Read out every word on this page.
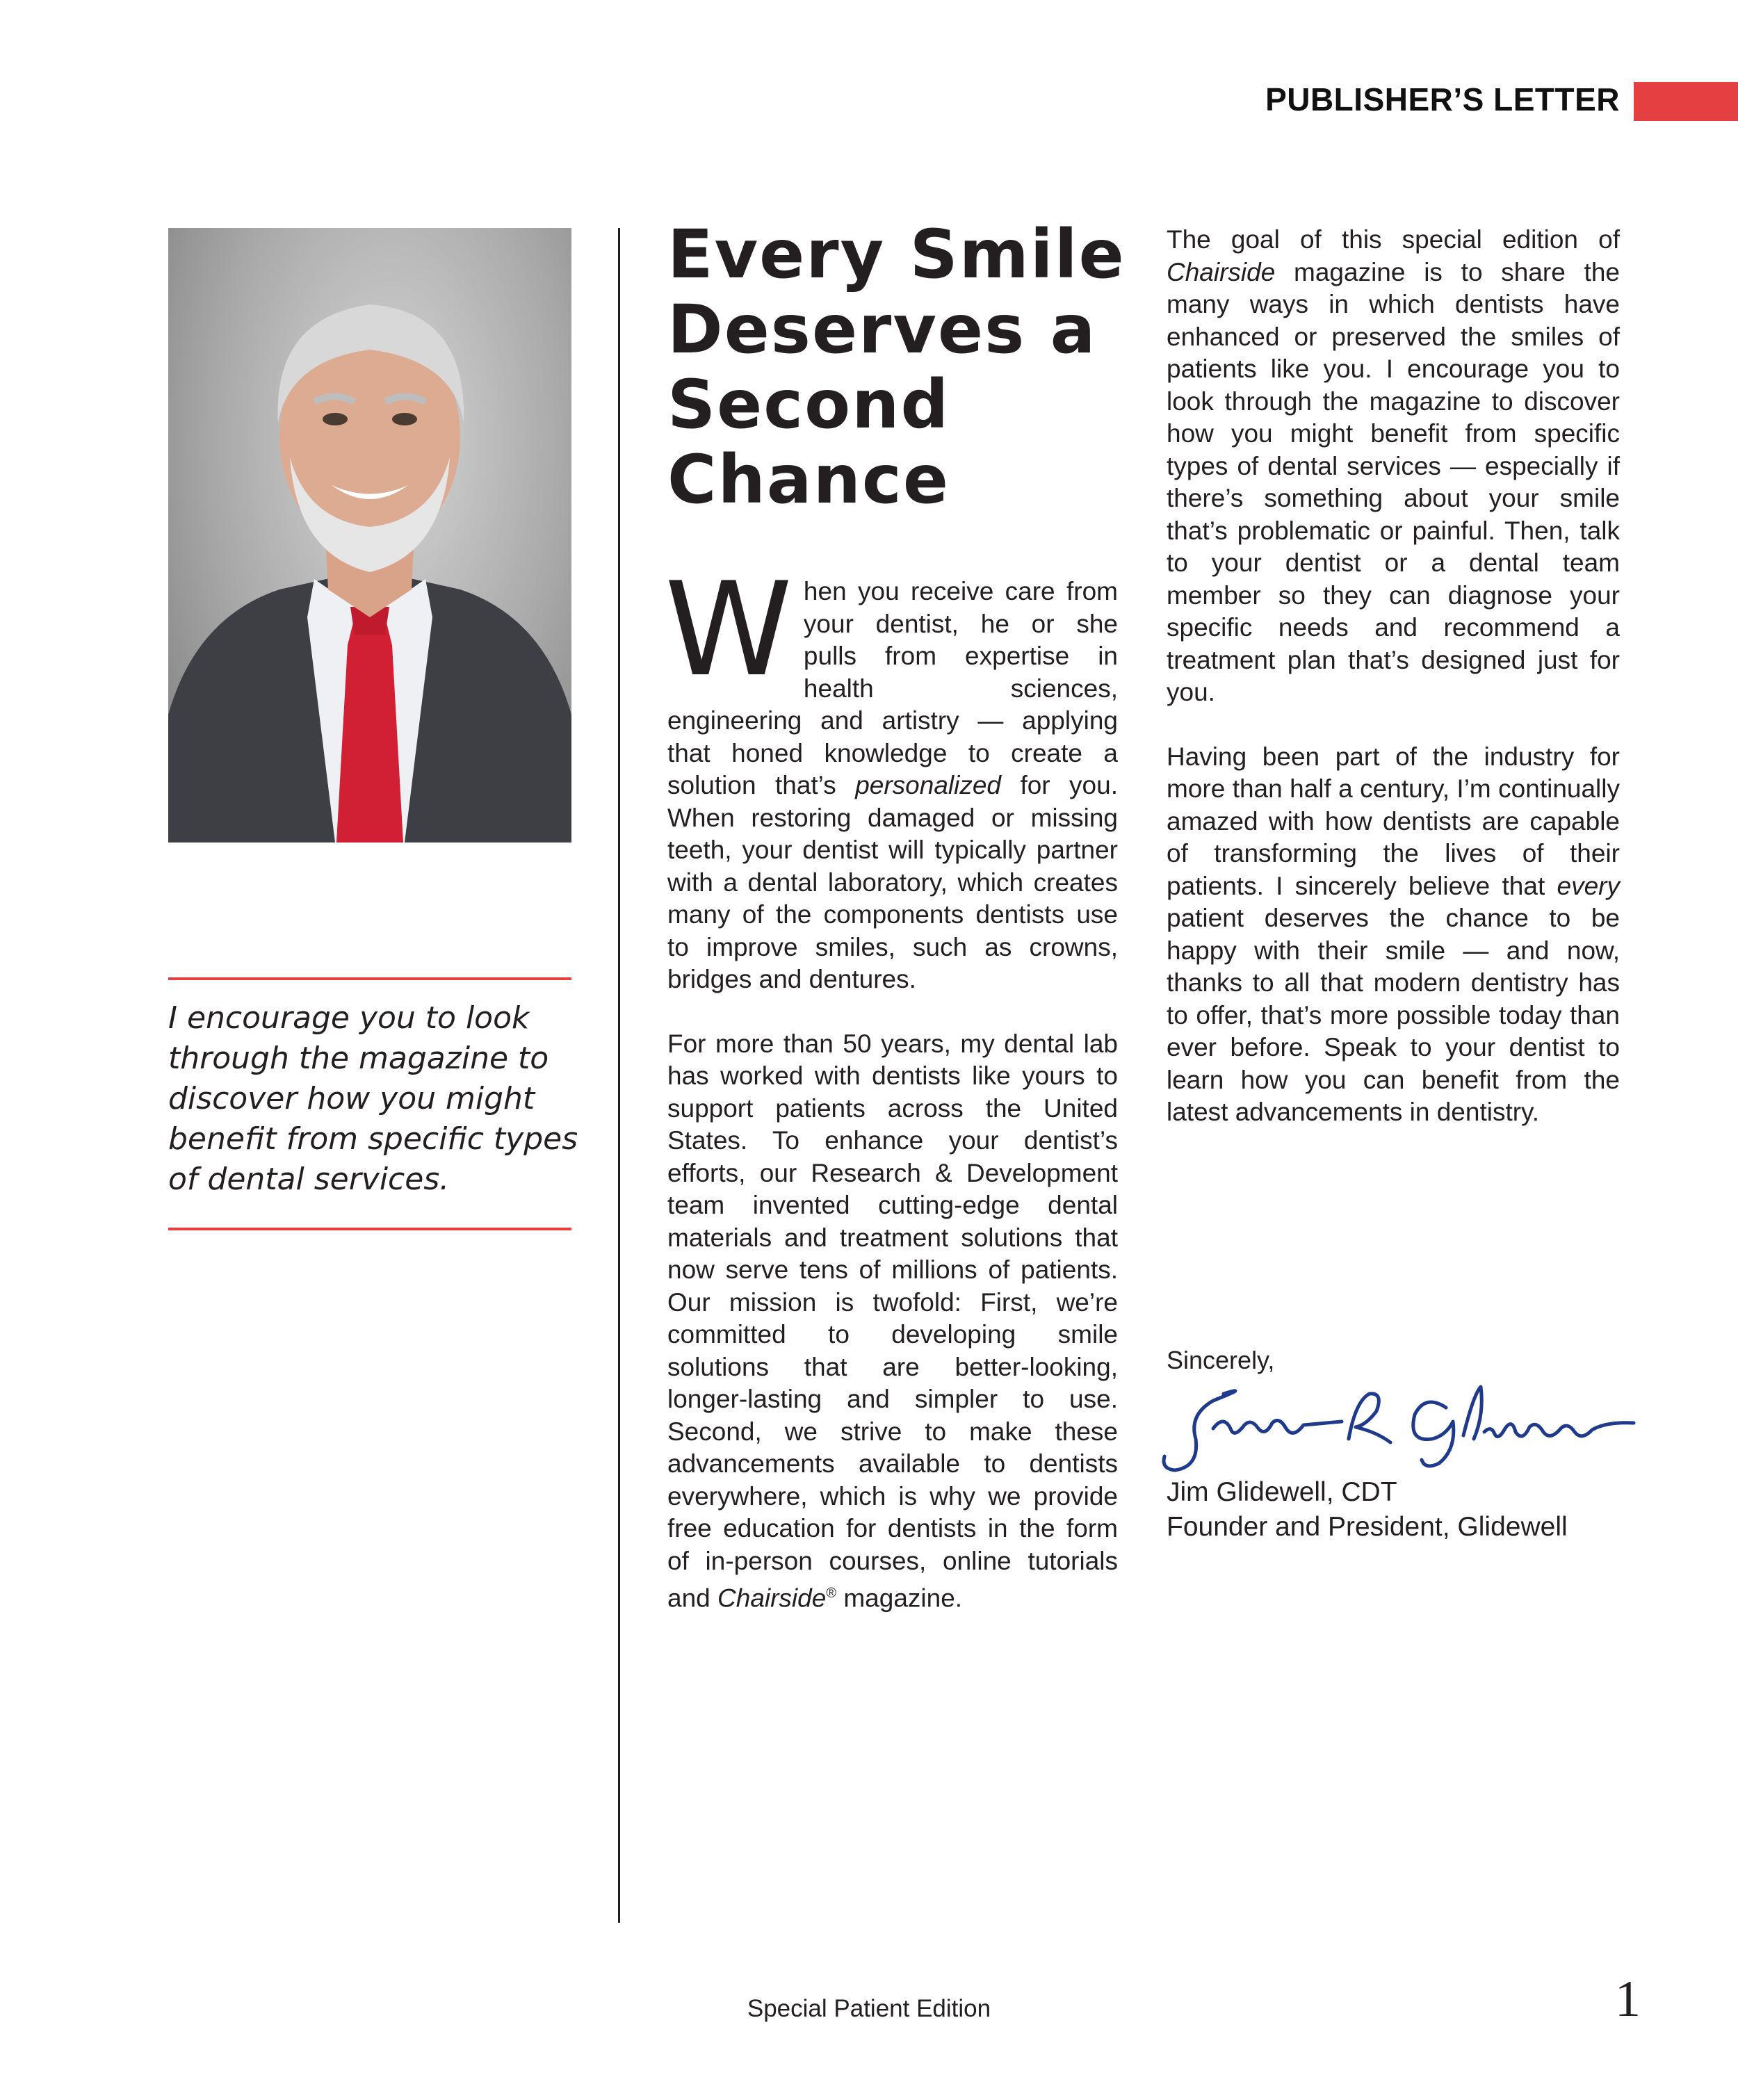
PUBLISHER’S LETTER
I encourage you to look through the magazine to discover how you might benefit from specific types of dental services.
Every Smile Deserves a Second Chance

When you receive care from your dentist, he or she pulls from expertise in health sciences, engineering and artistry — applying that honed knowledge to create a solution that’s personalized for you. When restoring damaged or missing teeth, your dentist will typically partner with a dental laboratory, which creates many of the components dentists use to improve smiles, such as crowns, bridges and dentures.

For more than 50 years, my dental lab has worked with dentists like yours to support patients across the United States. To enhance your dentist’s efforts, our Research & Development team invented cutting-edge dental materials and treatment solutions that now serve tens of millions of patients. Our mission is twofold: First, we’re committed to developing smile solutions that are better-looking, longer-lasting and simpler to use. Second, we strive to make these advancements available to dentists everywhere, which is why we provide free education for dentists in the form of in-person courses, online tutorials and Chairside® magazine.

The goal of this special edition of Chairside magazine is to share the many ways in which dentists have enhanced or preserved the smiles of patients like you. I encourage you to look through the magazine to discover how you might benefit from specific types of dental services — especially if there’s something about your smile that’s problematic or painful. Then, talk to your dentist or a dental team member so they can diagnose your specific needs and recommend a treatment plan that’s designed just for you.

Having been part of the industry for more than half a century, I’m continually amazed with how dentists are capable of transforming the lives of their patients. I sincerely believe that every patient deserves the chance to be happy with their smile — and now, thanks to all that modern dentistry has to offer, that’s more possible today than ever before. Speak to your dentist to learn how you can benefit from the latest advancements in dentistry.

Sincerely,
Jim Glidewell, CDT
Founder and President, Glidewell
Special Patient Edition	1
